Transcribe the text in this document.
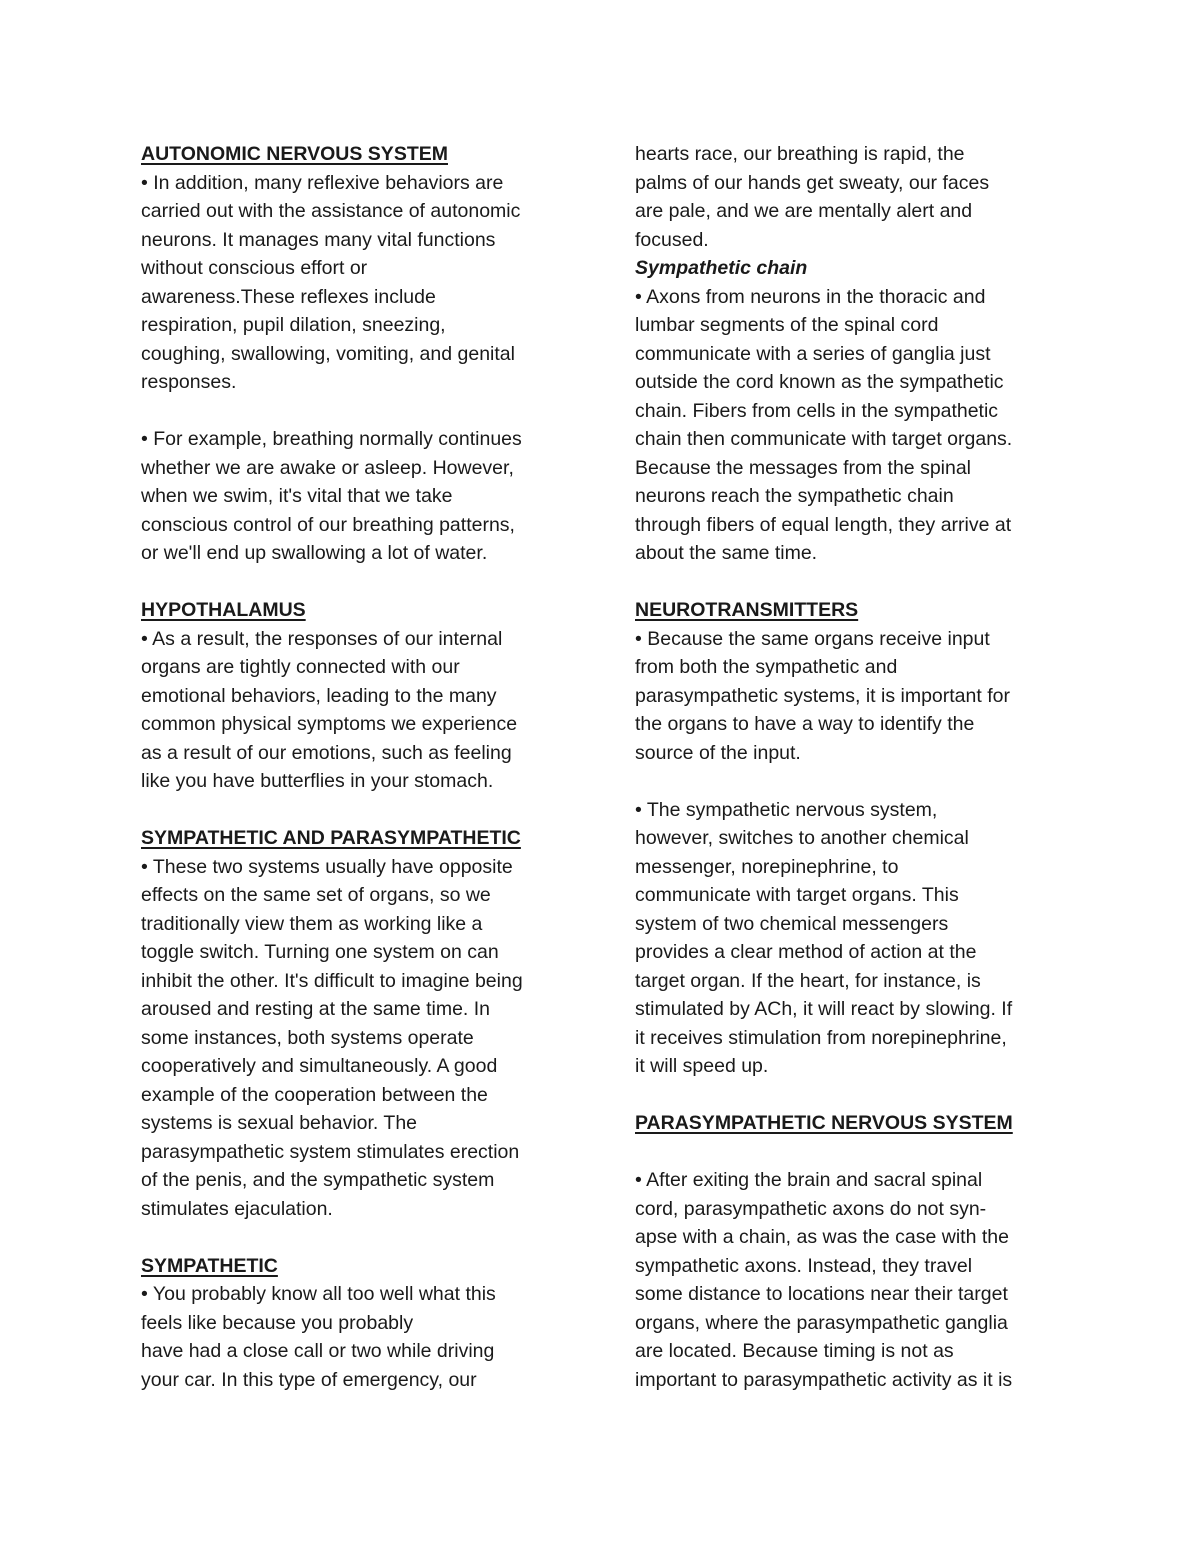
AUTONOMIC NERVOUS SYSTEM
• In addition, many reflexive behaviors are
carried out with the assistance of autonomic
neurons. It manages many vital functions
without conscious effort or
awareness.These reflexes include
respiration, pupil dilation, sneezing,
coughing, swallowing, vomiting, and genital
responses.
• For example, breathing normally continues
whether we are awake or asleep. However,
when we swim, it's vital that we take
conscious control of our breathing patterns,
or we'll end up swallowing a lot of water.
HYPOTHALAMUS
• As a result, the responses of our internal
organs are tightly connected with our
emotional behaviors, leading to the many
common physical symptoms we experience
as a result of our emotions, such as feeling
like you have butterflies in your stomach.
SYMPATHETIC AND PARASYMPATHETIC
• These two systems usually have opposite
effects on the same set of organs, so we
traditionally view them as working like a
toggle switch. Turning one system on can
inhibit the other. It's difficult to imagine being
aroused and resting at the same time. In
some instances, both systems operate
cooperatively and simultaneously. A good
example of the cooperation between the
systems is sexual behavior. The
parasympathetic system stimulates erection
of the penis, and the sympathetic system
stimulates ejaculation.
SYMPATHETIC
• You probably know all too well what this
feels like because you probably
have had a close call or two while driving
your car. In this type of emergency, our
hearts race, our breathing is rapid, the
palms of our hands get sweaty, our faces
are pale, and we are mentally alert and
focused.
Sympathetic chain
• Axons from neurons in the thoracic and
lumbar segments of the spinal cord
communicate with a series of ganglia just
outside the cord known as the sympathetic
chain. Fibers from cells in the sympathetic
chain then communicate with target organs.
Because the messages from the spinal
neurons reach the sympathetic chain
through fibers of equal length, they arrive at
about the same time.
NEUROTRANSMITTERS
• Because the same organs receive input
from both the sympathetic and
parasympathetic systems, it is important for
the organs to have a way to identify the
source of the input.
• The sympathetic nervous system,
however, switches to another chemical
messenger, norepinephrine, to
communicate with target organs. This
system of two chemical messengers
provides a clear method of action at the
target organ. If the heart, for instance, is
stimulated by ACh, it will react by slowing. If
it receives stimulation from norepinephrine,
it will speed up.
PARASYMPATHETIC NERVOUS SYSTEM
• After exiting the brain and sacral spinal
cord, parasympathetic axons do not syn-
apse with a chain, as was the case with the
sympathetic axons. Instead, they travel
some distance to locations near their target
organs, where the parasympathetic ganglia
are located. Because timing is not as
important to parasympathetic activity as it is
